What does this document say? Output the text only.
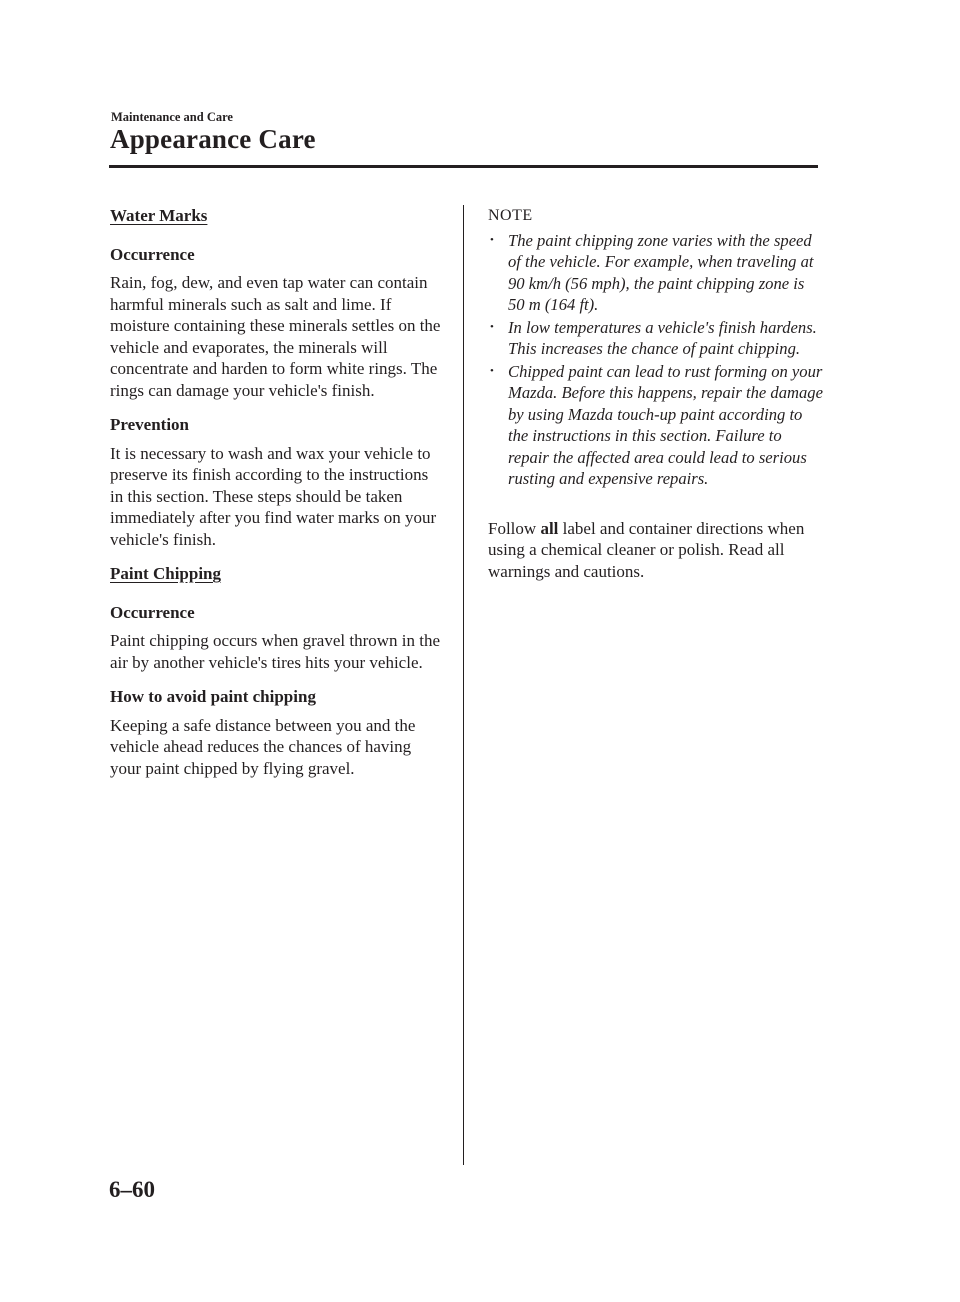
Maintenance and Care
Appearance Care
Water Marks
Occurrence

Rain, fog, dew, and even tap water can contain harmful minerals such as salt and lime. If moisture containing these minerals settles on the vehicle and evaporates, the minerals will concentrate and harden to form white rings. The rings can damage your vehicle's finish.

Prevention

It is necessary to wash and wax your vehicle to preserve its finish according to the instructions in this section. These steps should be taken immediately after you find water marks on your vehicle's finish.

Paint Chipping
Occurrence

Paint chipping occurs when gravel thrown in the air by another vehicle's tires hits your vehicle.

How to avoid paint chipping

Keeping a safe distance between you and the vehicle ahead reduces the chances of having your paint chipped by flying gravel.

NOTE
• The paint chipping zone varies with the speed of the vehicle. For example, when traveling at 90 km/h (56 mph), the paint chipping zone is 50 m (164 ft).
• In low temperatures a vehicle's finish hardens. This increases the chance of paint chipping.
• Chipped paint can lead to rust forming on your Mazda. Before this happens, repair the damage by using Mazda touch-up paint according to the instructions in this section. Failure to repair the affected area could lead to serious rusting and expensive repairs.

Follow all label and container directions when using a chemical cleaner or polish. Read all warnings and cautions.

6–60
